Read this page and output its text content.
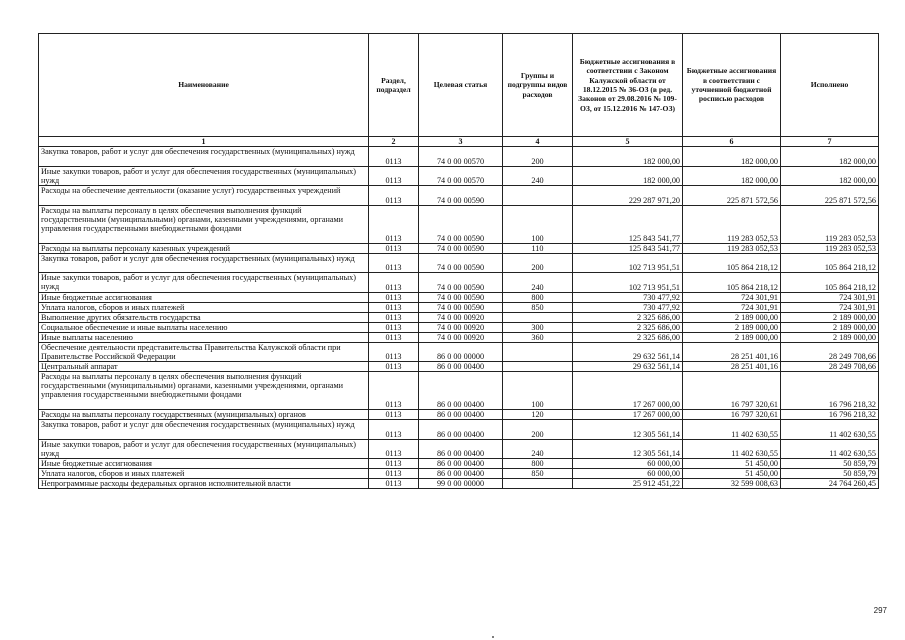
Наименование	Раздел, подраздел	Целевая статья	Группы и подгруппы видов расходов	Бюджетные ассигнования в соответствии с Законом Калужской области от 18.12.2015 № 36-ОЗ (в ред. Законов от 29.08.2016 № 109-ОЗ, от 15.12.2016 № 147-ОЗ)	Бюджетные ассигнования в соответствии с уточненной бюджетной росписью расходов	Исполнено
1	2	3	4	5	6	7
Закупка товаров, работ и услуг для обеспечения государственных (муниципальных) нужд	0113	74 0 00 00570	200	182 000,00	182 000,00	182 000,00
Иные закупки товаров, работ и услуг для обеспечения государственных (муниципальных) нужд	0113	74 0 00 00570	240	182 000,00	182 000,00	182 000,00
Расходы на обеспечение деятельности (оказание услуг) государственных учреждений	0113	74 0 00 00590		229 287 971,20	225 871 572,56	225 871 572,56
Расходы на выплаты персоналу в целях обеспечения выполнения функций государственными (муниципальными) органами, казенными учреждениями, органами управления государственными внебюджетными фондами	0113	74 0 00 00590	100	125 843 541,77	119 283 052,53	119 283 052,53
Расходы на выплаты персоналу казенных учреждений	0113	74 0 00 00590	110	125 843 541,77	119 283 052,53	119 283 052,53
Закупка товаров, работ и услуг для обеспечения государственных (муниципальных) нужд	0113	74 0 00 00590	200	102 713 951,51	105 864 218,12	105 864 218,12
Иные закупки товаров, работ и услуг для обеспечения государственных (муниципальных) нужд	0113	74 0 00 00590	240	102 713 951,51	105 864 218,12	105 864 218,12
Иные бюджетные ассигнования	0113	74 0 00 00590	800	730 477,92	724 301,91	724 301,91
Уплата налогов, сборов и иных платежей	0113	74 0 00 00590	850	730 477,92	724 301,91	724 301,91
Выполнение других обязательств государства	0113	74 0 00 00920		2 325 686,00	2 189 000,00	2 189 000,00
Социальное обеспечение и иные выплаты населению	0113	74 0 00 00920	300	2 325 686,00	2 189 000,00	2 189 000,00
Иные выплаты населению	0113	74 0 00 00920	360	2 325 686,00	2 189 000,00	2 189 000,00
Обеспечение деятельности представительства Правительства Калужской области при Правительстве Российской Федерации	0113	86 0 00 00000		29 632 561,14	28 251 401,16	28 249 708,66
Центральный аппарат	0113	86 0 00 00400		29 632 561,14	28 251 401,16	28 249 708,66
Расходы на выплаты персоналу в целях обеспечения выполнения функций государственными (муниципальными) органами, казенными учреждениями, органами управления государственными внебюджетными фондами	0113	86 0 00 00400	100	17 267 000,00	16 797 320,61	16 796 218,32
Расходы на выплаты персоналу государственных (муниципальных) органов	0113	86 0 00 00400	120	17 267 000,00	16 797 320,61	16 796 218,32
Закупка товаров, работ и услуг для обеспечения государственных (муниципальных) нужд	0113	86 0 00 00400	200	12 305 561,14	11 402 630,55	11 402 630,55
Иные закупки товаров, работ и услуг для обеспечения государственных (муниципальных) нужд	0113	86 0 00 00400	240	12 305 561,14	11 402 630,55	11 402 630,55
Иные бюджетные ассигнования	0113	86 0 00 00400	800	60 000,00	51 450,00	50 859,79
Уплата налогов, сборов и иных платежей	0113	86 0 00 00400	850	60 000,00	51 450,00	50 859,79
Непрограммные расходы федеральных органов исполнительной власти	0113	99 0 00 00000		25 912 451,22	32 599 008,63	24 764 260,45
297
